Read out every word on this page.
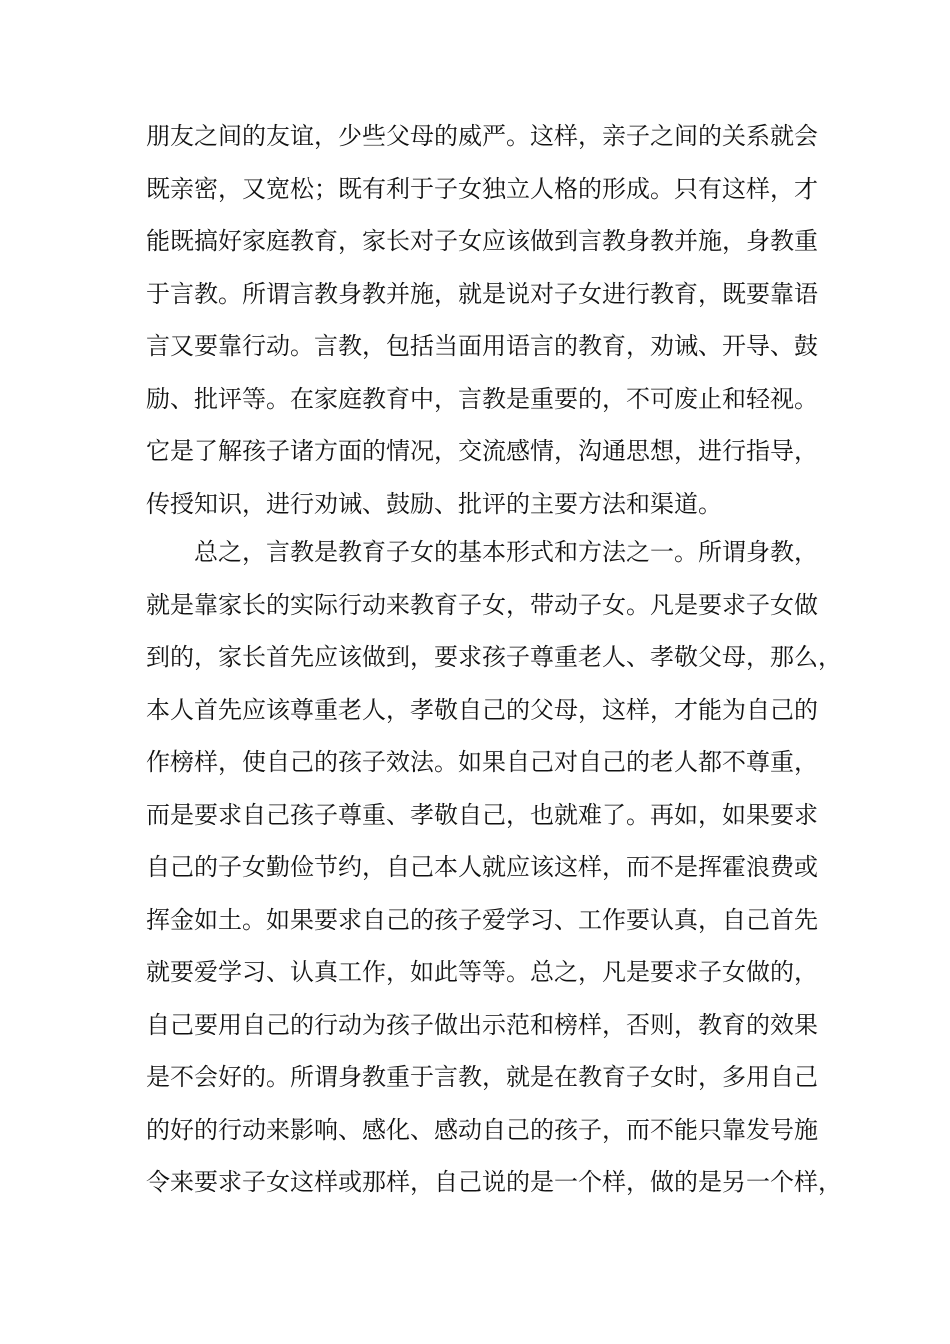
朋友之间的友谊，少些父母的威严。这样，亲子之间的关系就会
既亲密，又宽松；既有利于子女独立人格的形成。只有这样，才
能既搞好家庭教育，家长对子女应该做到言教身教并施，身教重
于言教。所谓言教身教并施，就是说对子女进行教育，既要靠语
言又要靠行动。言教，包括当面用语言的教育，劝诫、开导、鼓
励、批评等。在家庭教育中，言教是重要的，不可废止和轻视。
它是了解孩子诸方面的情况，交流感情，沟通思想，进行指导，
传授知识，进行劝诫、鼓励、批评的主要方法和渠道。
总之，言教是教育子女的基本形式和方法之一。所谓身教，
就是靠家长的实际行动来教育子女，带动子女。凡是要求子女做
到的，家长首先应该做到，要求孩子尊重老人、孝敬父母，那么，
本人首先应该尊重老人，孝敬自己的父母，这样，才能为自己的
作榜样，使自己的孩子效法。如果自己对自己的老人都不尊重，
而是要求自己孩子尊重、孝敬自己，也就难了。再如，如果要求
自己的子女勤俭节约，自己本人就应该这样，而不是挥霍浪费或
挥金如土。如果要求自己的孩子爱学习、工作要认真，自己首先
就要爱学习、认真工作，如此等等。总之，凡是要求子女做的，
自己要用自己的行动为孩子做出示范和榜样，否则，教育的效果
是不会好的。所谓身教重于言教，就是在教育子女时，多用自己
的好的行动来影响、感化、感动自己的孩子，而不能只靠发号施
令来要求子女这样或那样，自己说的是一个样，做的是另一个样，
